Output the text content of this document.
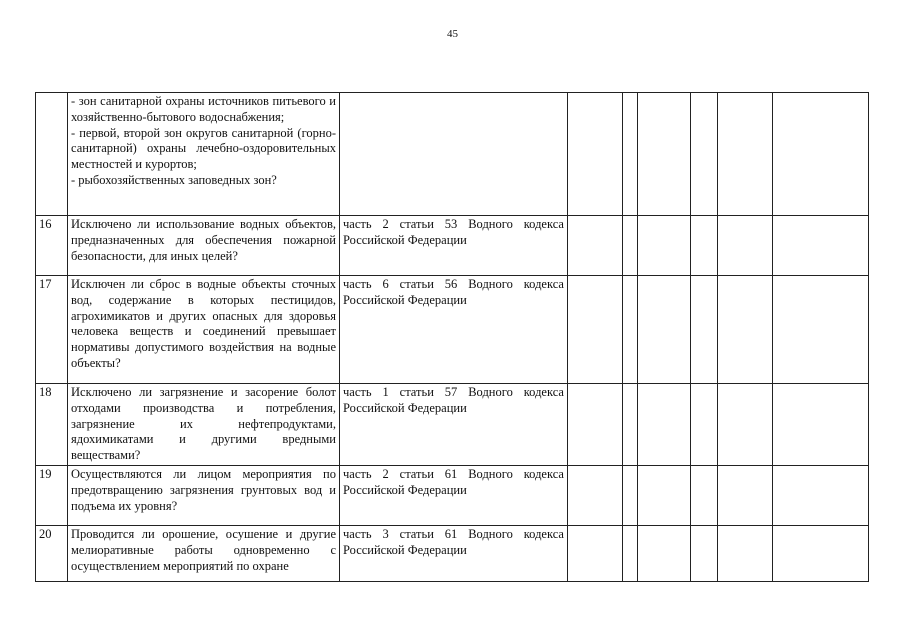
45
	- зон санитарной охраны источников питьевого и хозяйственно-бытового водоснабжения;
- первой, второй зон округов санитарной (горно-санитарной) охраны лечебно-оздоровительных местностей и курортов;
- рыбохозяйственных заповедных зон?							
16	Исключено ли использование водных объектов, предназначенных для обеспечения пожарной безопасности, для иных целей?	часть 2 статьи 53 Водного кодекса Российской Федерации						
17	Исключен ли сброс в водные объекты сточных вод, содержание в которых пестицидов, агрохимикатов и других опасных для здоровья человека веществ и соединений превышает нормативы допустимого воздействия на водные объекты?	часть 6 статьи 56 Водного кодекса Российской Федерации						
18	Исключено ли загрязнение и засорение болот отходами производства и потребления, загрязнение их нефтепродуктами, ядохимикатами и другими вредными веществами?	часть 1 статьи 57 Водного кодекса Российской Федерации						
19	Осуществляются ли лицом мероприятия по предотвращению загрязнения грунтовых вод и подъема их уровня?	часть 2 статьи 61 Водного кодекса Российской Федерации						
20	Проводится ли орошение, осушение и другие мелиоративные работы одновременно с осуществлением мероприятий по охране	часть 3 статьи 61 Водного кодекса Российской Федерации						
